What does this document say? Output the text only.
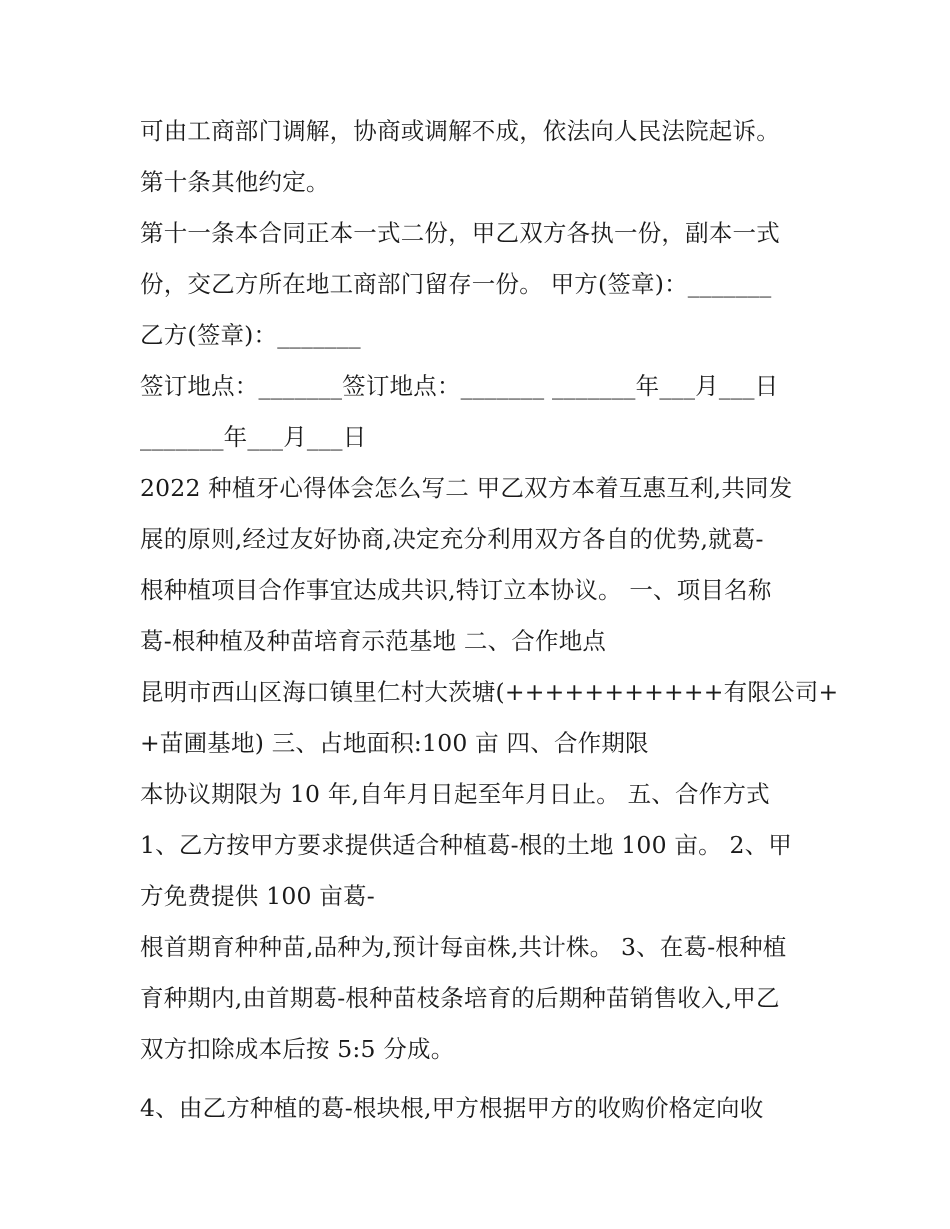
可由工商部门调解，协商或调解不成，依法向人民法院起诉。
第十条其他约定。
第十一条本合同正本一式二份，甲乙双方各执一份，副本一式
份，交乙方所在地工商部门留存一份。 甲方(签章)：_______
乙方(签章)：_______
签订地点：_______签订地点：_______ _______年___月___日
_______年___月___日
2022 种植牙心得体会怎么写二 甲乙双方本着互惠互利,共同发
展的原则,经过友好协商,决定充分利用双方各自的优势,就葛-
根种植项目合作事宜达成共识,特订立本协议。 一、项目名称
葛-根种植及种苗培育示范基地 二、合作地点
昆明市西山区海口镇里仁村大茨塘(+++++++++++有限公司+
+苗圃基地) 三、占地面积:100 亩 四、合作期限
本协议期限为 10 年,自年月日起至年月日止。 五、合作方式
1、乙方按甲方要求提供适合种植葛-根的土地 100 亩。 2、甲
方免费提供 100 亩葛-
根首期育种种苗,品种为,预计每亩株,共计株。 3、在葛-根种植
育种期内,由首期葛-根种苗枝条培育的后期种苗销售收入,甲乙
双方扣除成本后按 5:5 分成。
4、由乙方种植的葛-根块根,甲方根据甲方的收购价格定向收
